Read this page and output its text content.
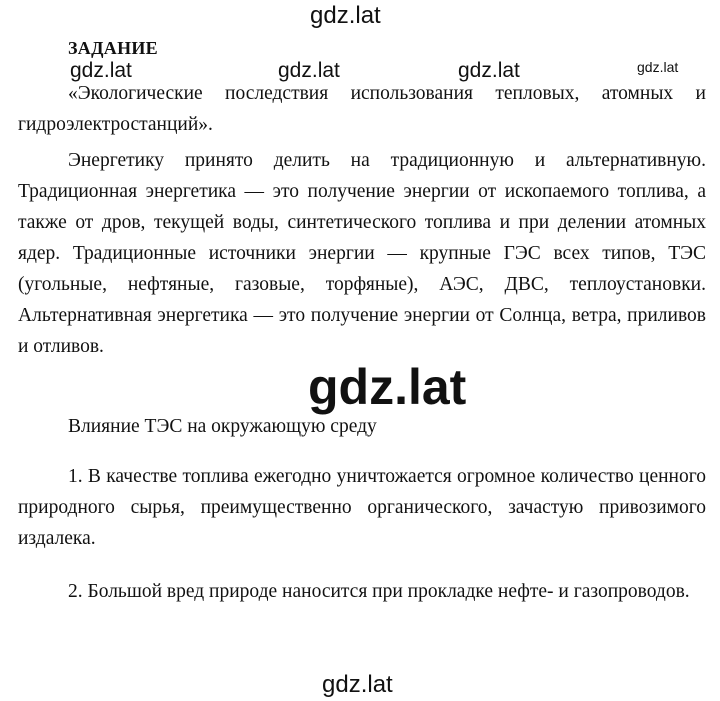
gdz.lat
ЗАДАНИЕ
gdz.lat	gdz.lat	gdz.lat	gdz.lat

«Экологические последствия использования тепловых, атомных и гидроэлектростанций».

Энергетику принято делить на традиционную и альтернативную. Традиционная энергетика — это получение энергии от ископаемого топлива, а также от дров, текущей воды, синтетического топлива и при делении атомных ядер. Традиционные источники энергии — крупные ГЭС всех типов, ТЭС (угольные, нефтяные, газовые, торфяные), АЭС, ДВС, теплоустановки. Альтернативная энергетика — это получение энергии от Солнца, ветра, приливов и отливов.

gdz.lat

Влияние ТЭС на окружающую среду

1. В качестве топлива ежегодно уничтожается огромное количество ценного природного сырья, преимущественно органического, зачастую привозимого издалека.

2. Большой вред природе наносится при прокладке нефте- и газопроводов.

gdz.lat
